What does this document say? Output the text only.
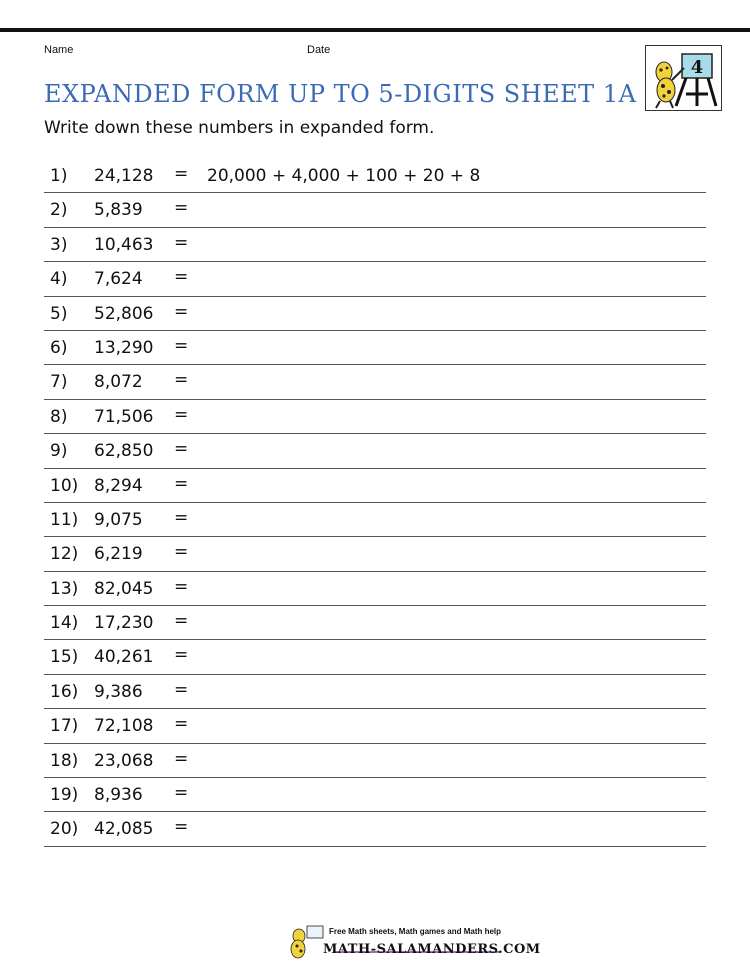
Name	Date
EXPANDED FORM UP TO 5-DIGITS SHEET 1A
Write down these numbers in expanded form.
4
1) 24,128 = 20,000 + 4,000 + 100 + 20 + 8
2) 5,839 =
3) 10,463 =
4) 7,624 =
5) 52,806 =
6) 13,290 =
7) 8,072 =
8) 71,506 =
9) 62,850 =
10) 8,294 =
11) 9,075 =
12) 6,219 =
13) 82,045 =
14) 17,230 =
15) 40,261 =
16) 9,386 =
17) 72,108 =
18) 23,068 =
19) 8,936 =
20) 42,085 =
Free Math sheets, Math games and Math help
MATH-SALAMANDERS.COM
